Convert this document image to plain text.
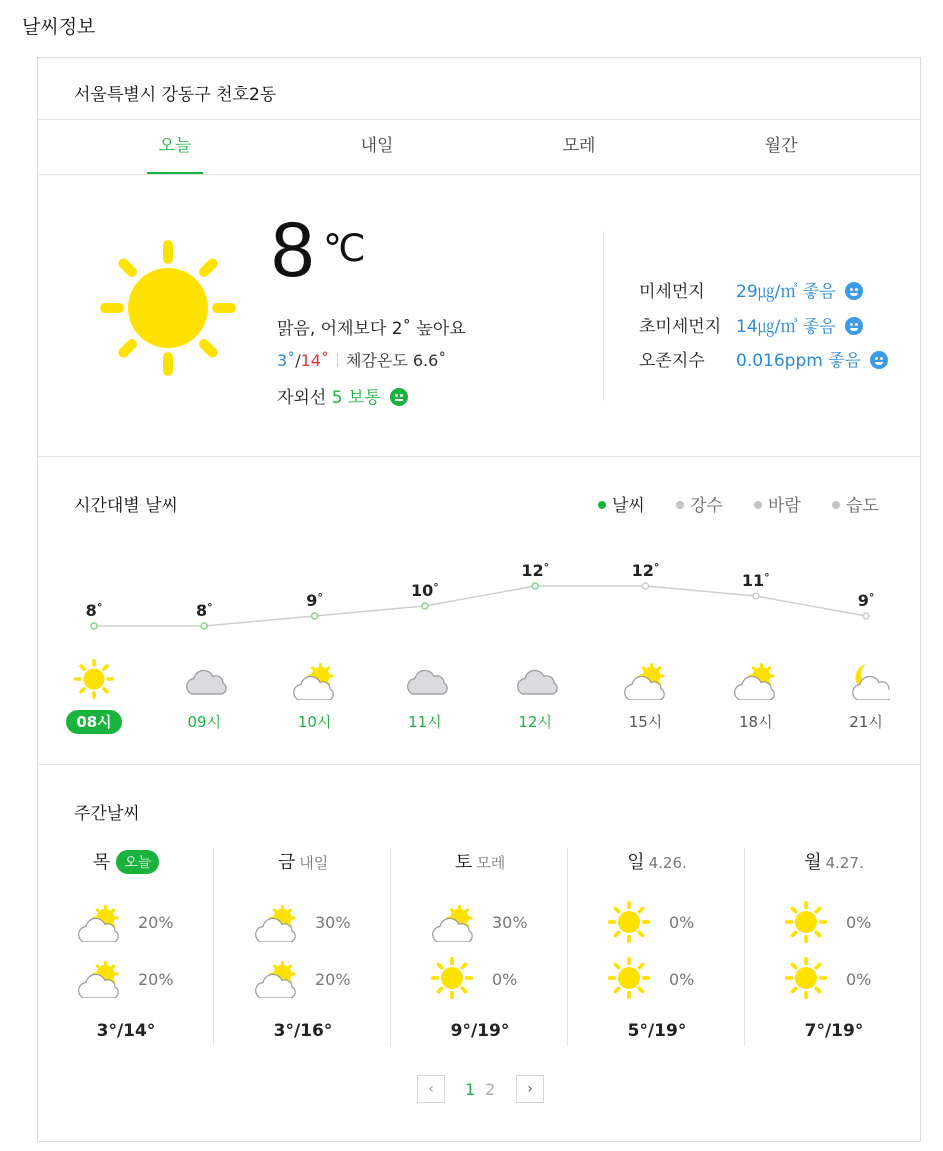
날씨정보
서울특별시 강동구 천호2동
오늘	내일	모레	월간
8 ℃
맑음, 어제보다 2˚ 높아요
3˚/14˚ 체감온도 6.6˚
자외선 5 보통
미세먼지 29㎍/㎥ 좋음
초미세먼지 14㎍/㎥ 좋음
오존지수 0.016ppm 좋음
시간대별 날씨	날씨	강수	바람	습도
8°	8°	9°	10°
12°	12°
11°
9°
08시	09시	10시	11시	12시	15시	18시	21시
주간날씨
목 오늘
20%
20%
3°/14°
금 내일
30%
20%
3°/16°
토 모레
30%
0%
9°/19°
일 4.26.
0%
0%
5°/19°
월 4.27.
0%
0%
7°/19°
‹	1 2	›
